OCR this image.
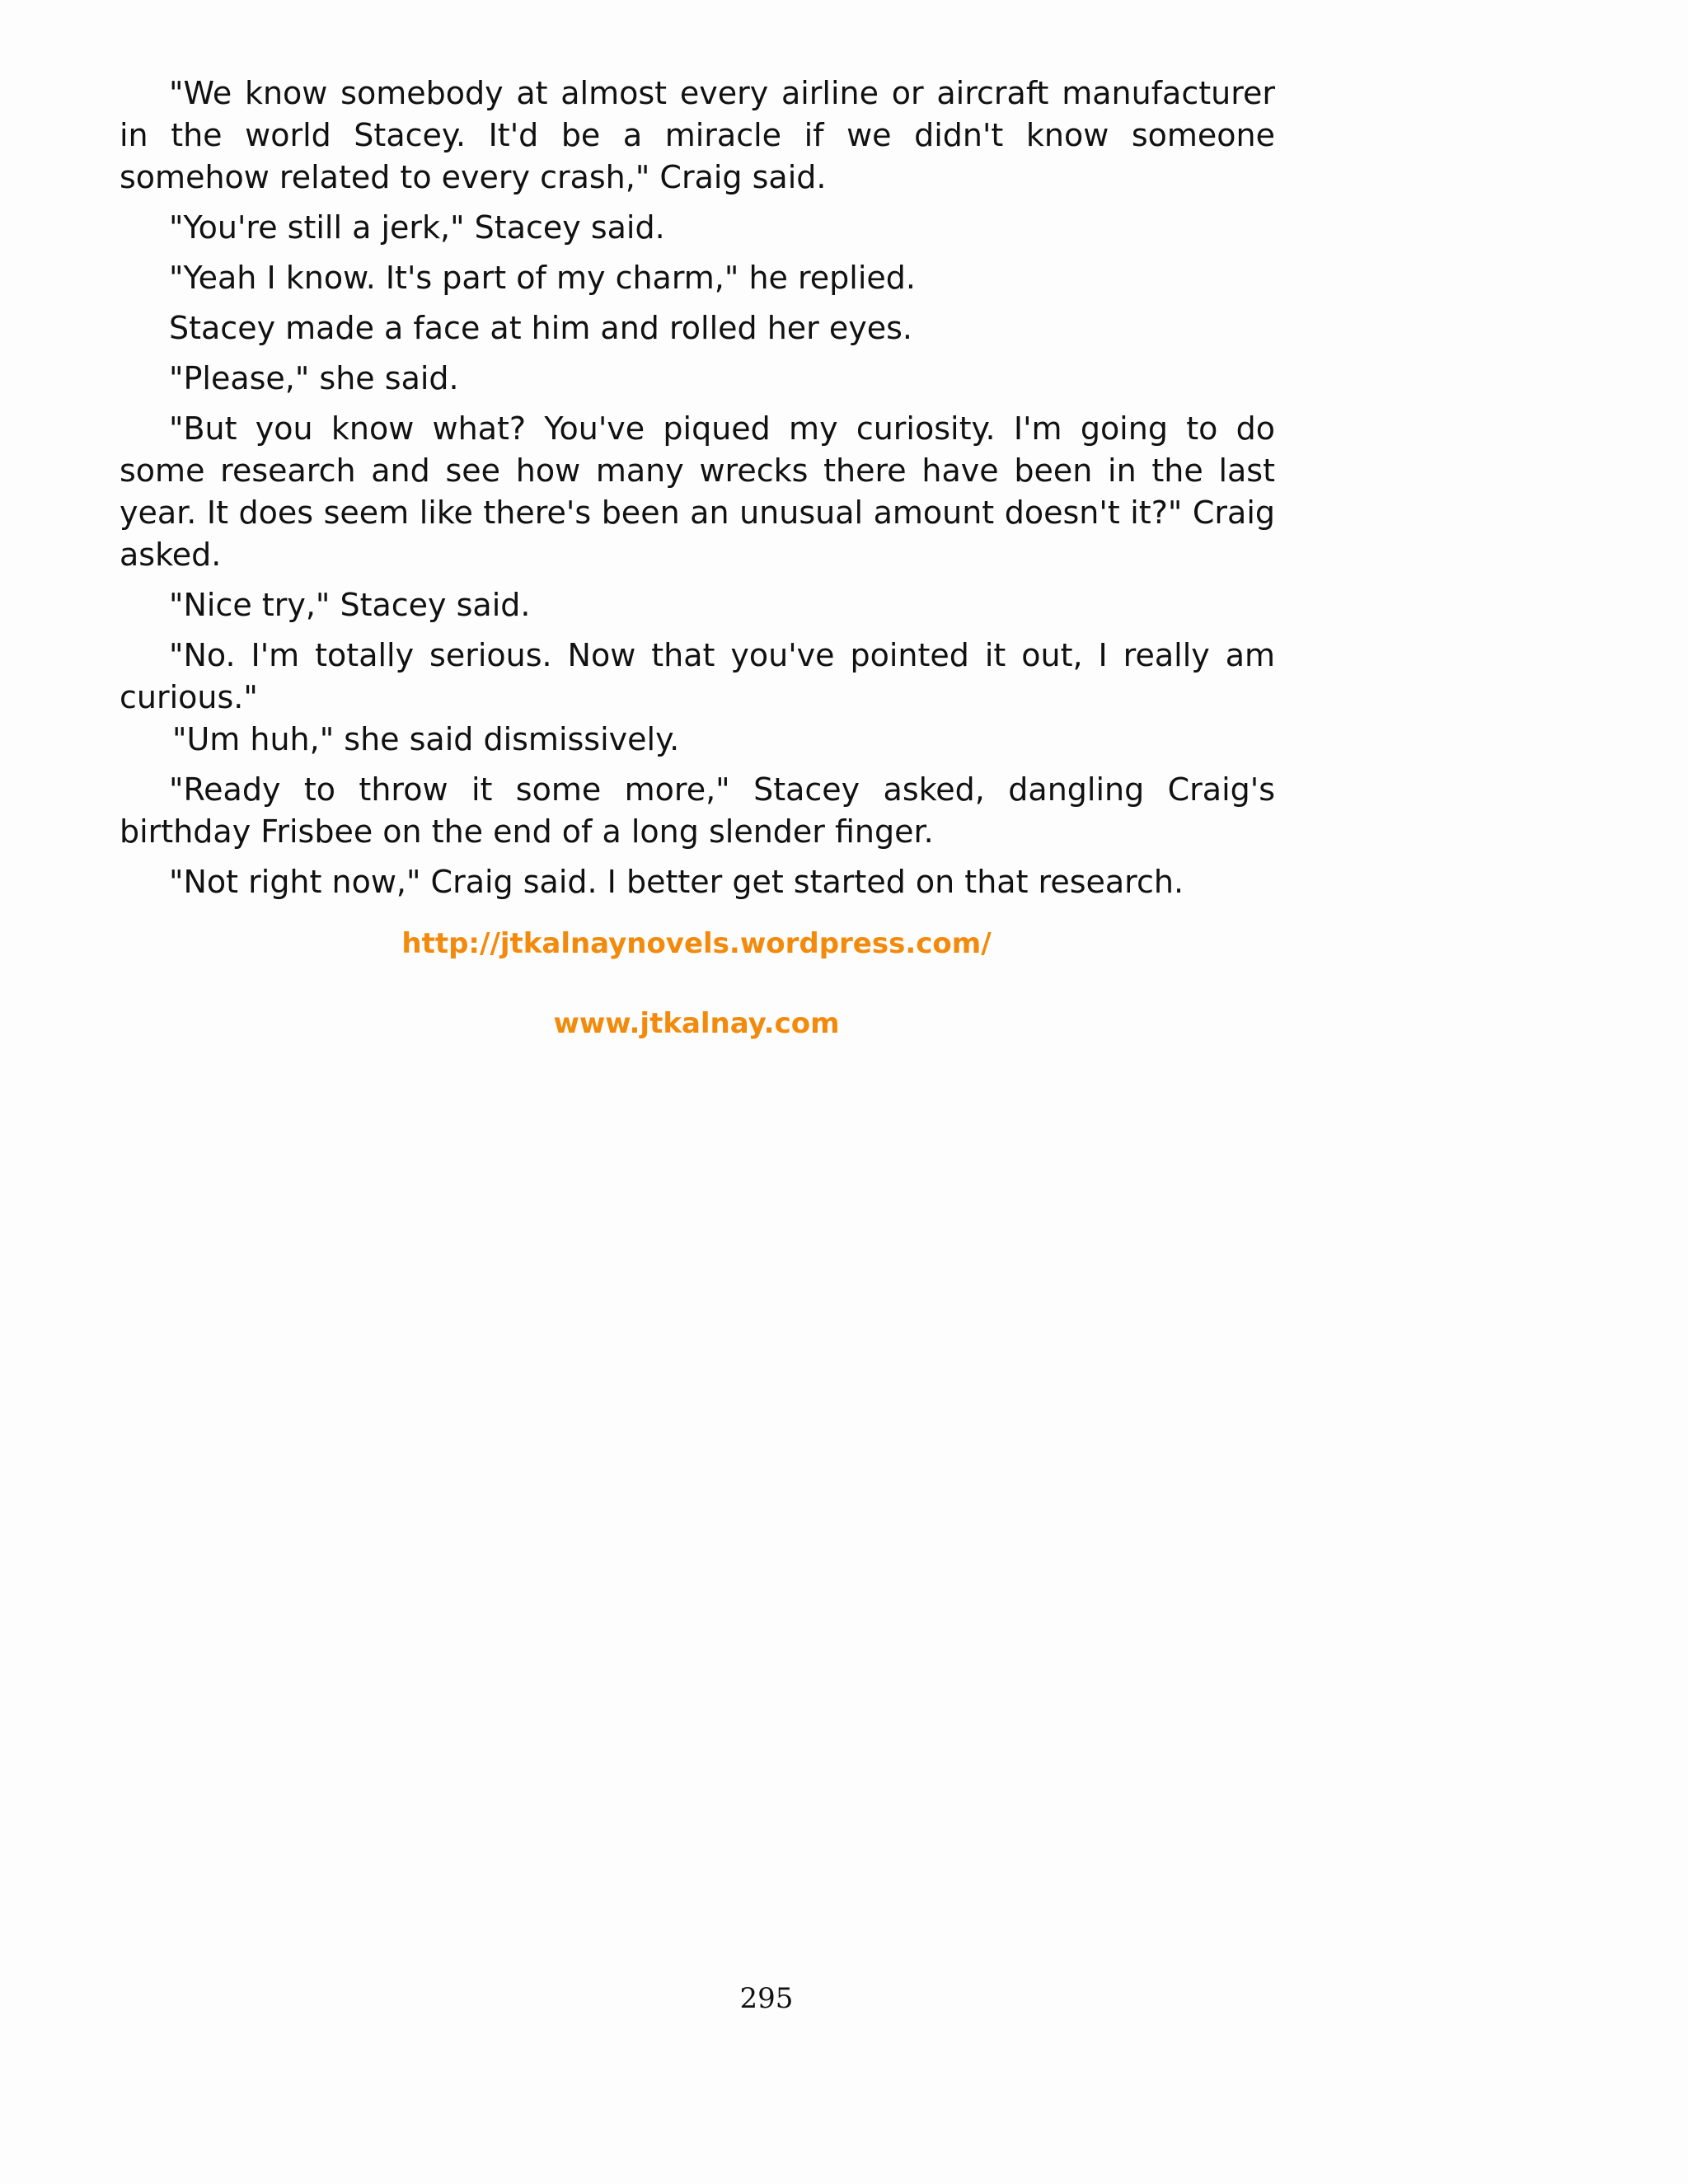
"We know somebody at almost every airline or aircraft manufacturer in the world Stacey. It'd be a miracle if we didn't know someone somehow related to every crash," Craig said.

"You're still a jerk," Stacey said.

"Yeah I know. It's part of my charm," he replied.

Stacey made a face at him and rolled her eyes.

"Please," she said.

"But you know what? You've piqued my curiosity. I'm going to do some research and see how many wrecks there have been in the last year. It does seem like there's been an unusual amount doesn't it?" Craig asked.

"Nice try," Stacey said.

"No. I'm totally serious. Now that you've pointed it out, I really am curious."

"Um huh," she said dismissively.

"Ready to throw it some more," Stacey asked, dangling Craig's birthday Frisbee on the end of a long slender finger.

"Not right now," Craig said. I better get started on that research.

http://jtkalnaynovels.wordpress.com/
www.jtkalnay.com
295
